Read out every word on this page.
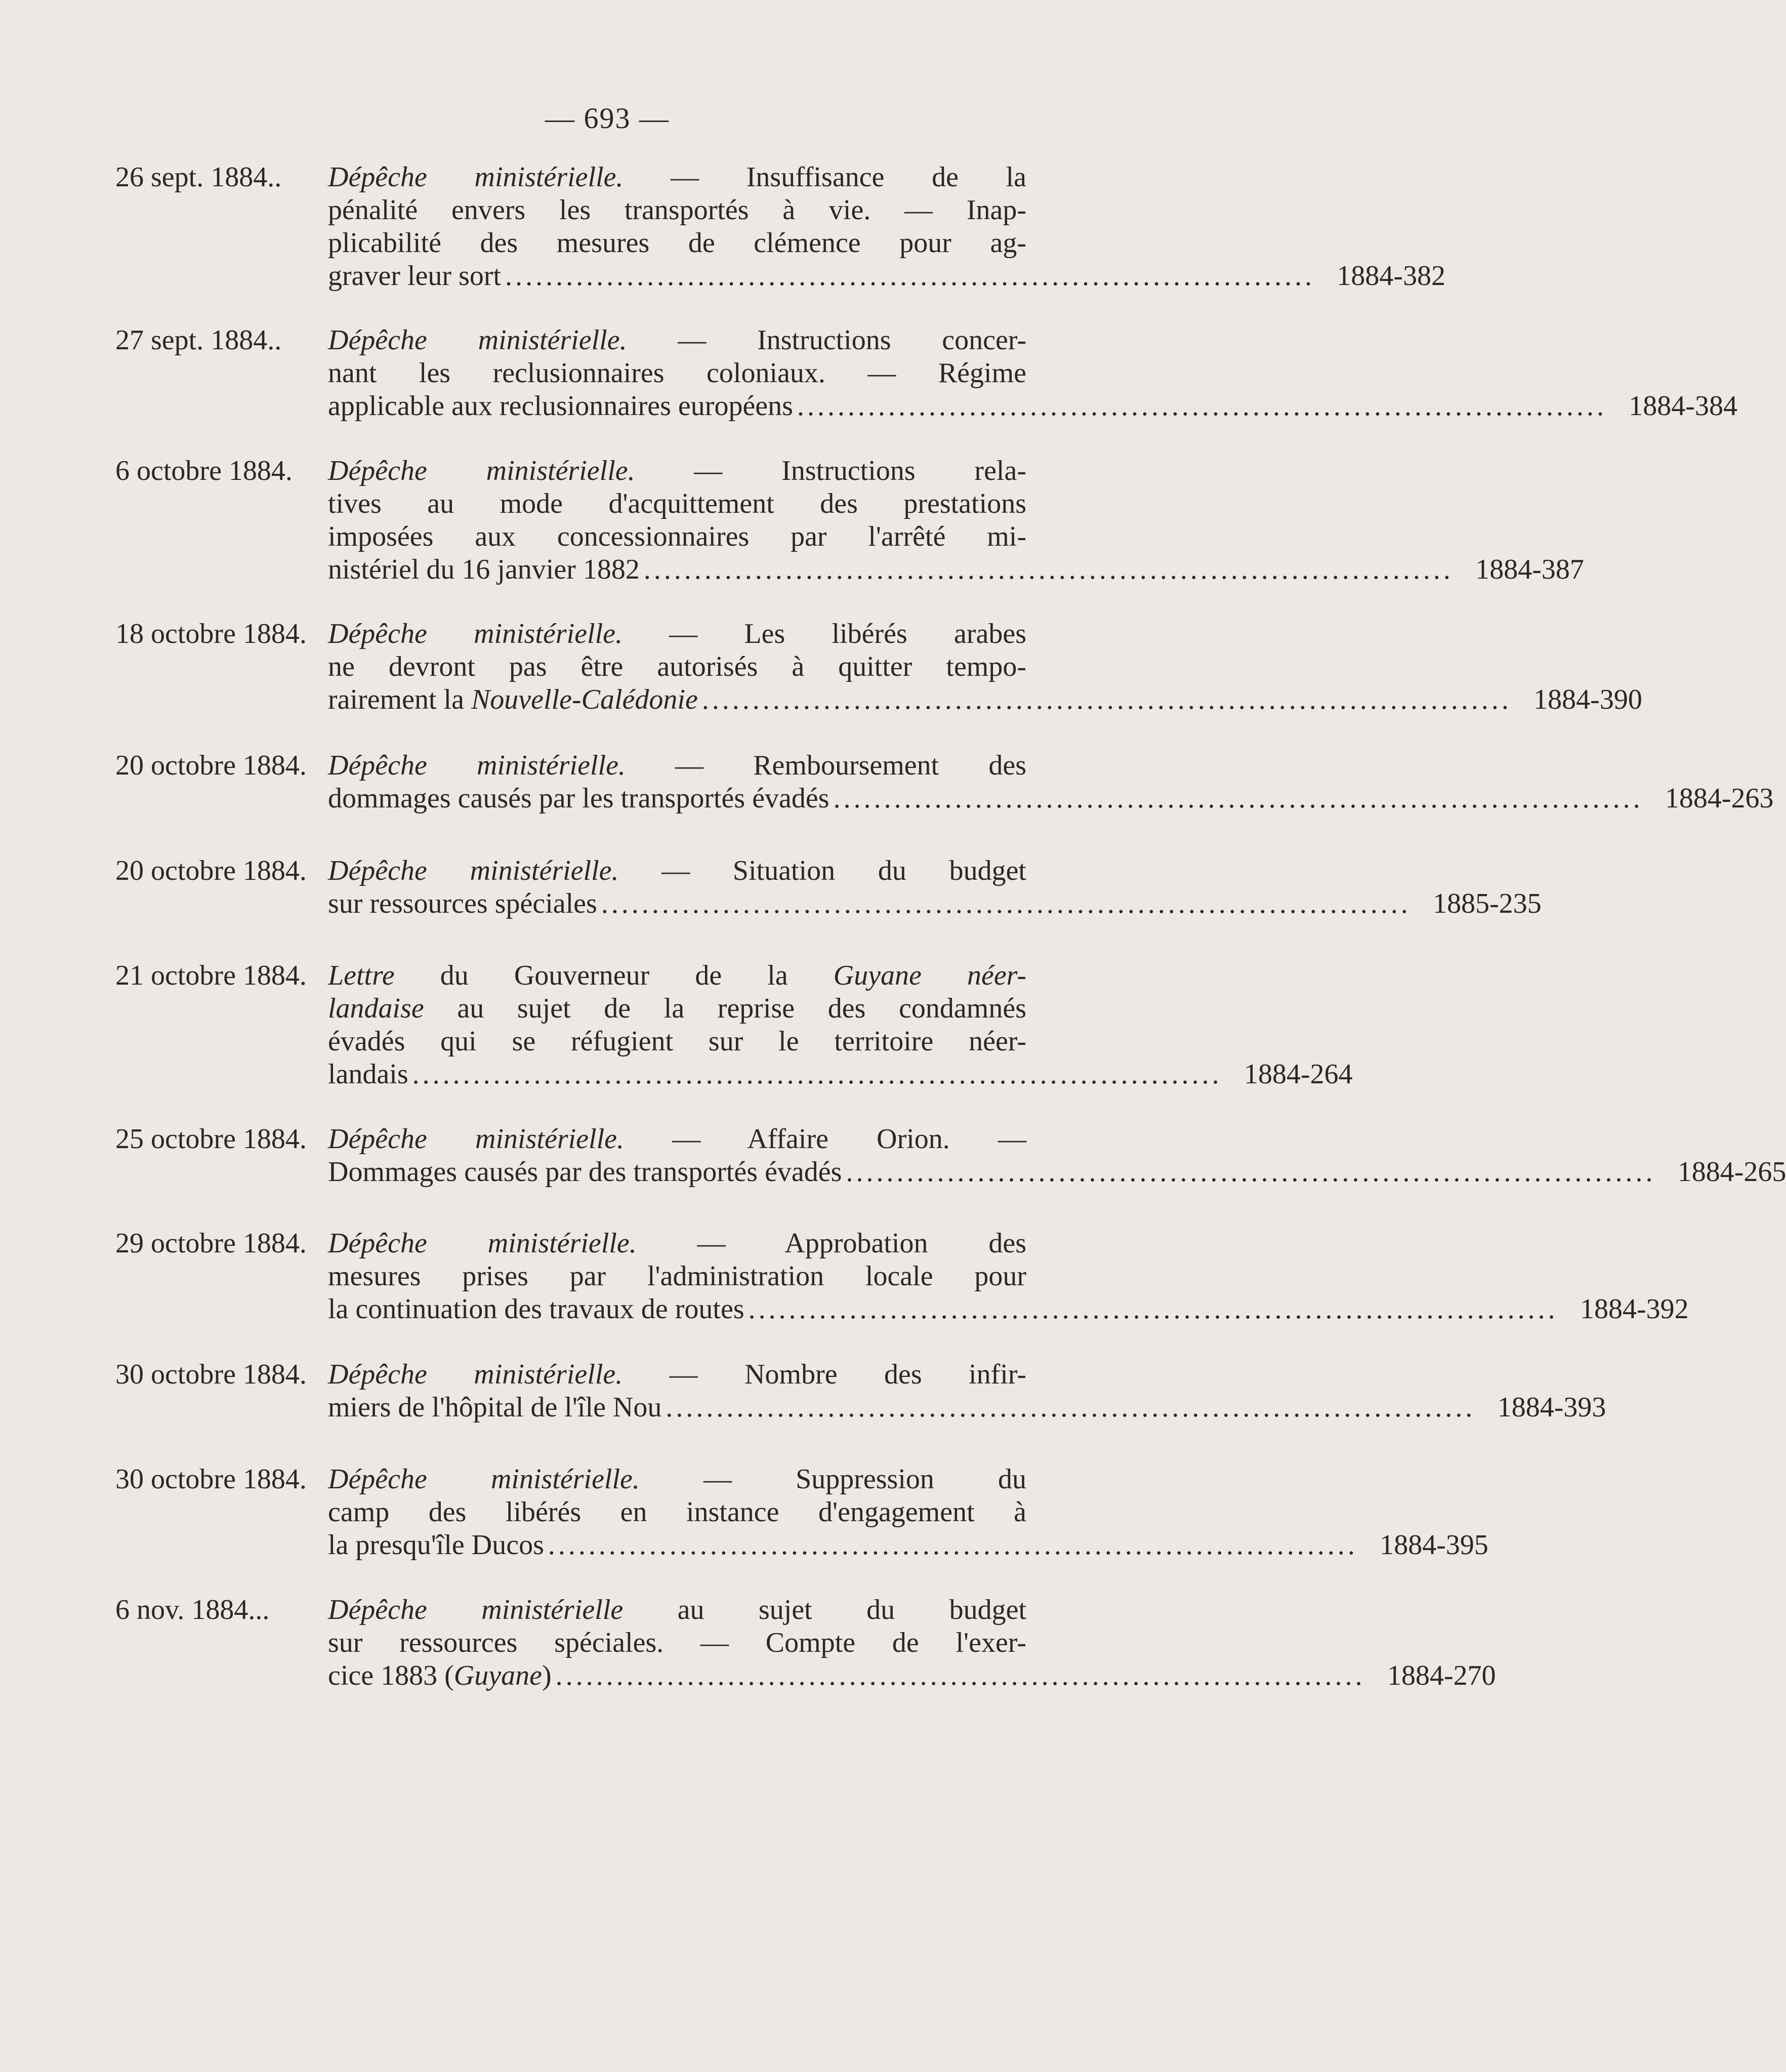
— 693 —
26 sept. 1884..	Dépêche ministérielle. — Insuffisance de la
pénalité envers les transportés à vie. — Inap-
plicabilité des mesures de clémence pour ag-
graver leur sort ................................................................................ 1884-382
27 sept. 1884..	Dépêche ministérielle. — Instructions concer-
nant les reclusionnaires coloniaux. — Régime
applicable aux reclusionnaires européens ................................................................................ 1884-384
6 octobre 1884.	Dépêche ministérielle. — Instructions rela-
tives au mode d'acquittement des prestations
imposées aux concessionnaires par l'arrêté mi-
nistériel du 16 janvier 1882 ................................................................................ 1884-387
18 octobre 1884. Dépêche ministérielle. — Les libérés arabes
ne devront pas être autorisés à quitter tempo-
rairement la Nouvelle-Calédonie ................................................................................ 1884-390
20 octobre 1884. Dépêche ministérielle. — Remboursement des
dommages causés par les transportés évadés ................................................................................ 1884-263
20 octobre 1884. Dépêche ministérielle. — Situation du budget
sur ressources spéciales ................................................................................ 1885-235
21 octobre 1884. Lettre du Gouverneur de la Guyane néer-
landaise au sujet de la reprise des condamnés
évadés qui se réfugient sur le territoire néer-
landais ................................................................................ 1884-264
25 octobre 1884. Dépêche ministérielle. — Affaire Orion. —
Dommages causés par des transportés évadés ................................................................................ 1884-265
29 octobre 1884. Dépêche ministérielle. — Approbation des
mesures prises par l'administration locale pour
la continuation des travaux de routes ................................................................................ 1884-392
30 octobre 1884. Dépêche ministérielle. — Nombre des infir-
miers de l'hôpital de l'île Nou ................................................................................ 1884-393
30 octobre 1884. Dépêche ministérielle. — Suppression du
camp des libérés en instance d'engagement à
la presqu'île Ducos ................................................................................ 1884-395
6 nov. 1884...	Dépêche ministérielle au sujet du budget
sur ressources spéciales. — Compte de l'exer-
cice 1883 (Guyane) ................................................................................ 1884-270
